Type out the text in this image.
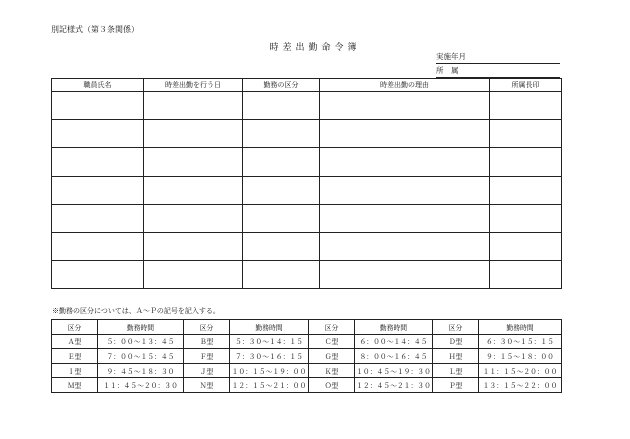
別記様式（第３条関係）
時差出勤命令簿
実施年月
所　属
職員氏名	時差出勤を行う日	勤務の区分	時差出勤の理由	所属長印

※勤務の区分については、Ａ～Ｐの記号を記入する。
区分	勤務時間	区分	勤務時間	区分	勤務時間	区分	勤務時間
Ａ型	５：００～１３：４５	Ｂ型	５：３０～１４：１５	Ｃ型	６：００～１４：４５	Ｄ型	６：３０～１５：１５
Ｅ型	７：００～１５：４５	Ｆ型	７：３０～１６：１５	Ｇ型	８：００～１６：４５	Ｈ型	９：１５～１８：００
Ｉ型	９：４５～１８：３０	Ｊ型	１０：１５～１９：００	Ｋ型	１０：４５～１９：３０	Ｌ型	１１：１５～２０：００
Ｍ型	１１：４５～２０：３０	Ｎ型	１２：１５～２１：００	Ｏ型	１２：４５～２１：３０	Ｐ型	１３：１５～２２：００
